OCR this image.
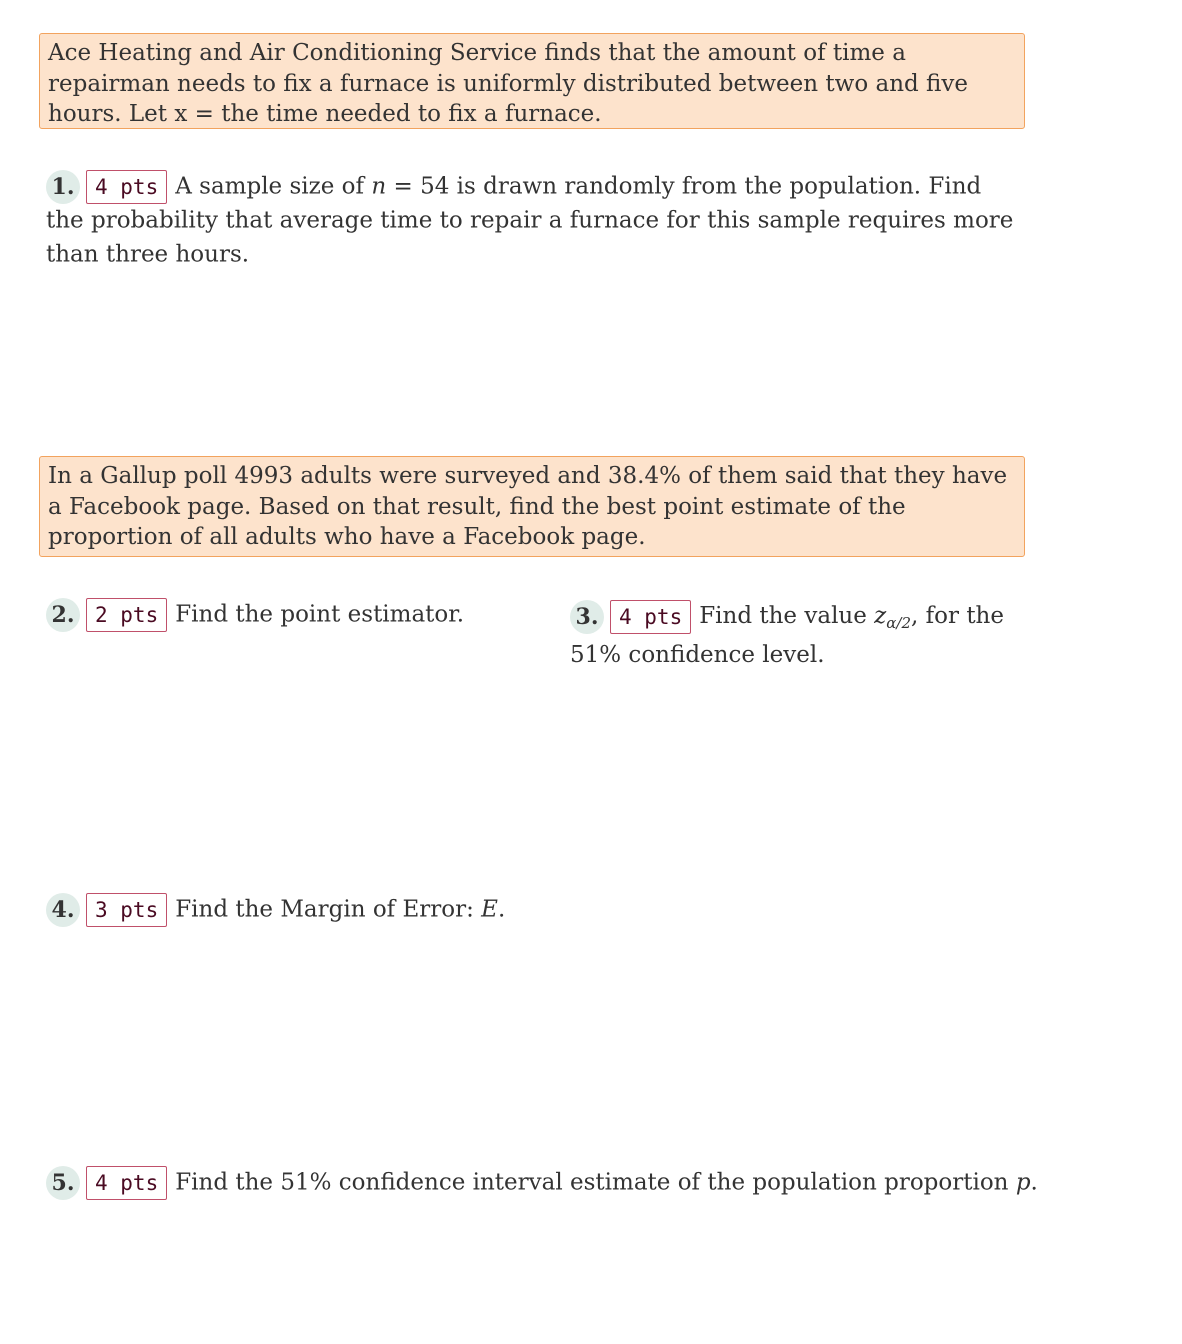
Ace Heating and Air Conditioning Service finds that the amount of time a repairman needs to fix a furnace is uniformly distributed between two and five hours. Let x = the time needed to fix a furnace.
1. 4 pts A sample size of n = 54 is drawn randomly from the population. Find the probability that average time to repair a furnace for this sample requires more than three hours.
In a Gallup poll 4993 adults were surveyed and 38.4% of them said that they have a Facebook page. Based on that result, find the best point estimate of the proportion of all adults who have a Facebook page.
2. 2 pts Find the point estimator.	3. 4 pts Find the value $z_{\alpha/2}$, for the 51% confidence level.
4. 3 pts Find the Margin of Error: E.
5. 4 pts Find the 51% confidence interval estimate of the population proportion p.
